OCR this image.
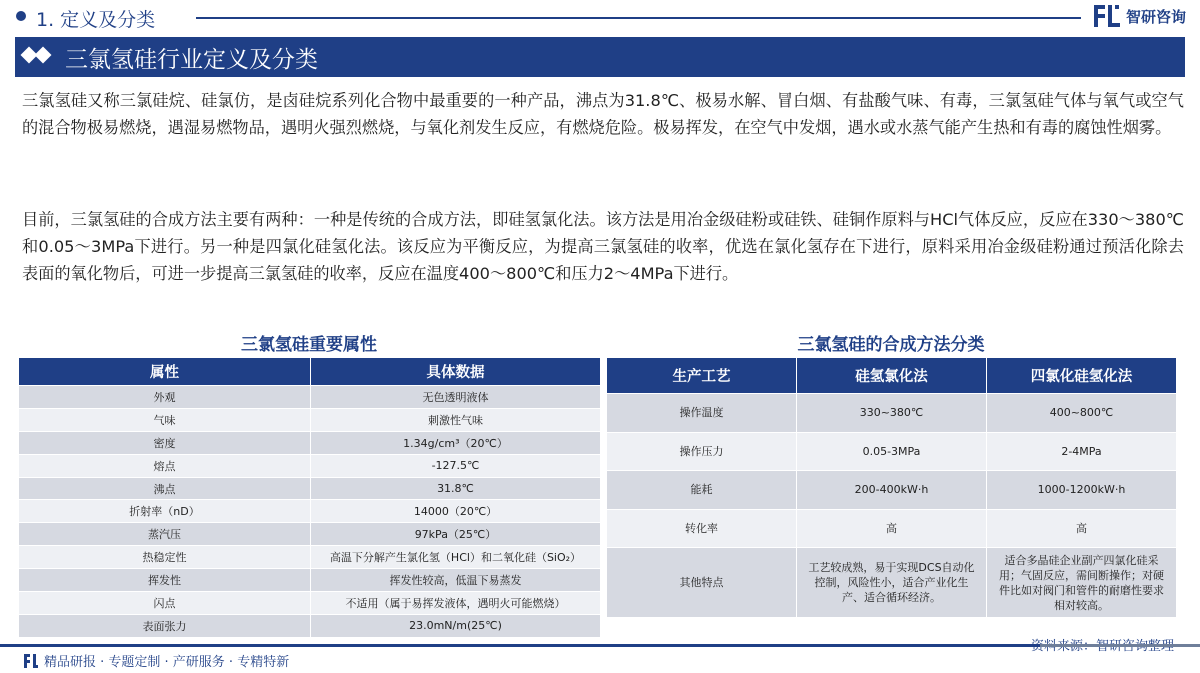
1. 定义及分类	智研咨询
三氯氢硅行业定义及分类

三氯氢硅又称三氯硅烷、硅氯仿，是卤硅烷系列化合物中最重要的一种产品，沸点为31.8℃、极易水解、冒白烟、有盐酸气味、有毒，三氯氢硅气体与氧气或空气的混合物极易燃烧，遇湿易燃物品，遇明火强烈燃烧，与氧化剂发生反应，有燃烧危险。极易挥发，在空气中发烟，遇水或水蒸气能产生热和有毒的腐蚀性烟雾。

目前，三氯氢硅的合成方法主要有两种：一种是传统的合成方法，即硅氢氯化法。该方法是用冶金级硅粉或硅铁、硅铜作原料与HCl气体反应，反应在330～380℃和0.05～3MPa下进行。另一种是四氯化硅氢化法。该反应为平衡反应，为提高三氯氢硅的收率，优选在氯化氢存在下进行，原料采用冶金级硅粉通过预活化除去表面的氧化物后，可进一步提高三氯氢硅的收率，反应在温度400～800℃和压力2～4MPa下进行。

三氯氢硅重要属性
属性	具体数据
外观	无色透明液体
气味	刺激性气味
密度	1.34g/cm³（20℃）
熔点	-127.5℃
沸点	31.8℃
折射率（nD）	14000（20℃）
蒸汽压	97kPa（25℃）
热稳定性	高温下分解产生氯化氢（HCl）和二氧化硅（SiO₂）
挥发性	挥发性较高，低温下易蒸发
闪点	不适用（属于易挥发液体，遇明火可能燃烧）
表面张力	23.0mN/m(25℃)
三氯氢硅的合成方法分类
生产工艺	硅氢氯化法	四氯化硅氢化法
操作温度	330~380℃	400~800℃
操作压力	0.05-3MPa	2-4MPa
能耗	200-400kW·h	1000-1200kW·h
转化率	高	高
其他特点	工艺较成熟，易于实现DCS自动化控制，风险性小，适合产业化生产、适合循环经济。	适合多晶硅企业副产四氯化硅采用；气固反应，需间断操作；对硬件比如对阀门和管件的耐磨性要求相对较高。
精品研报 · 专题定制 · 产研服务 · 专精特新
